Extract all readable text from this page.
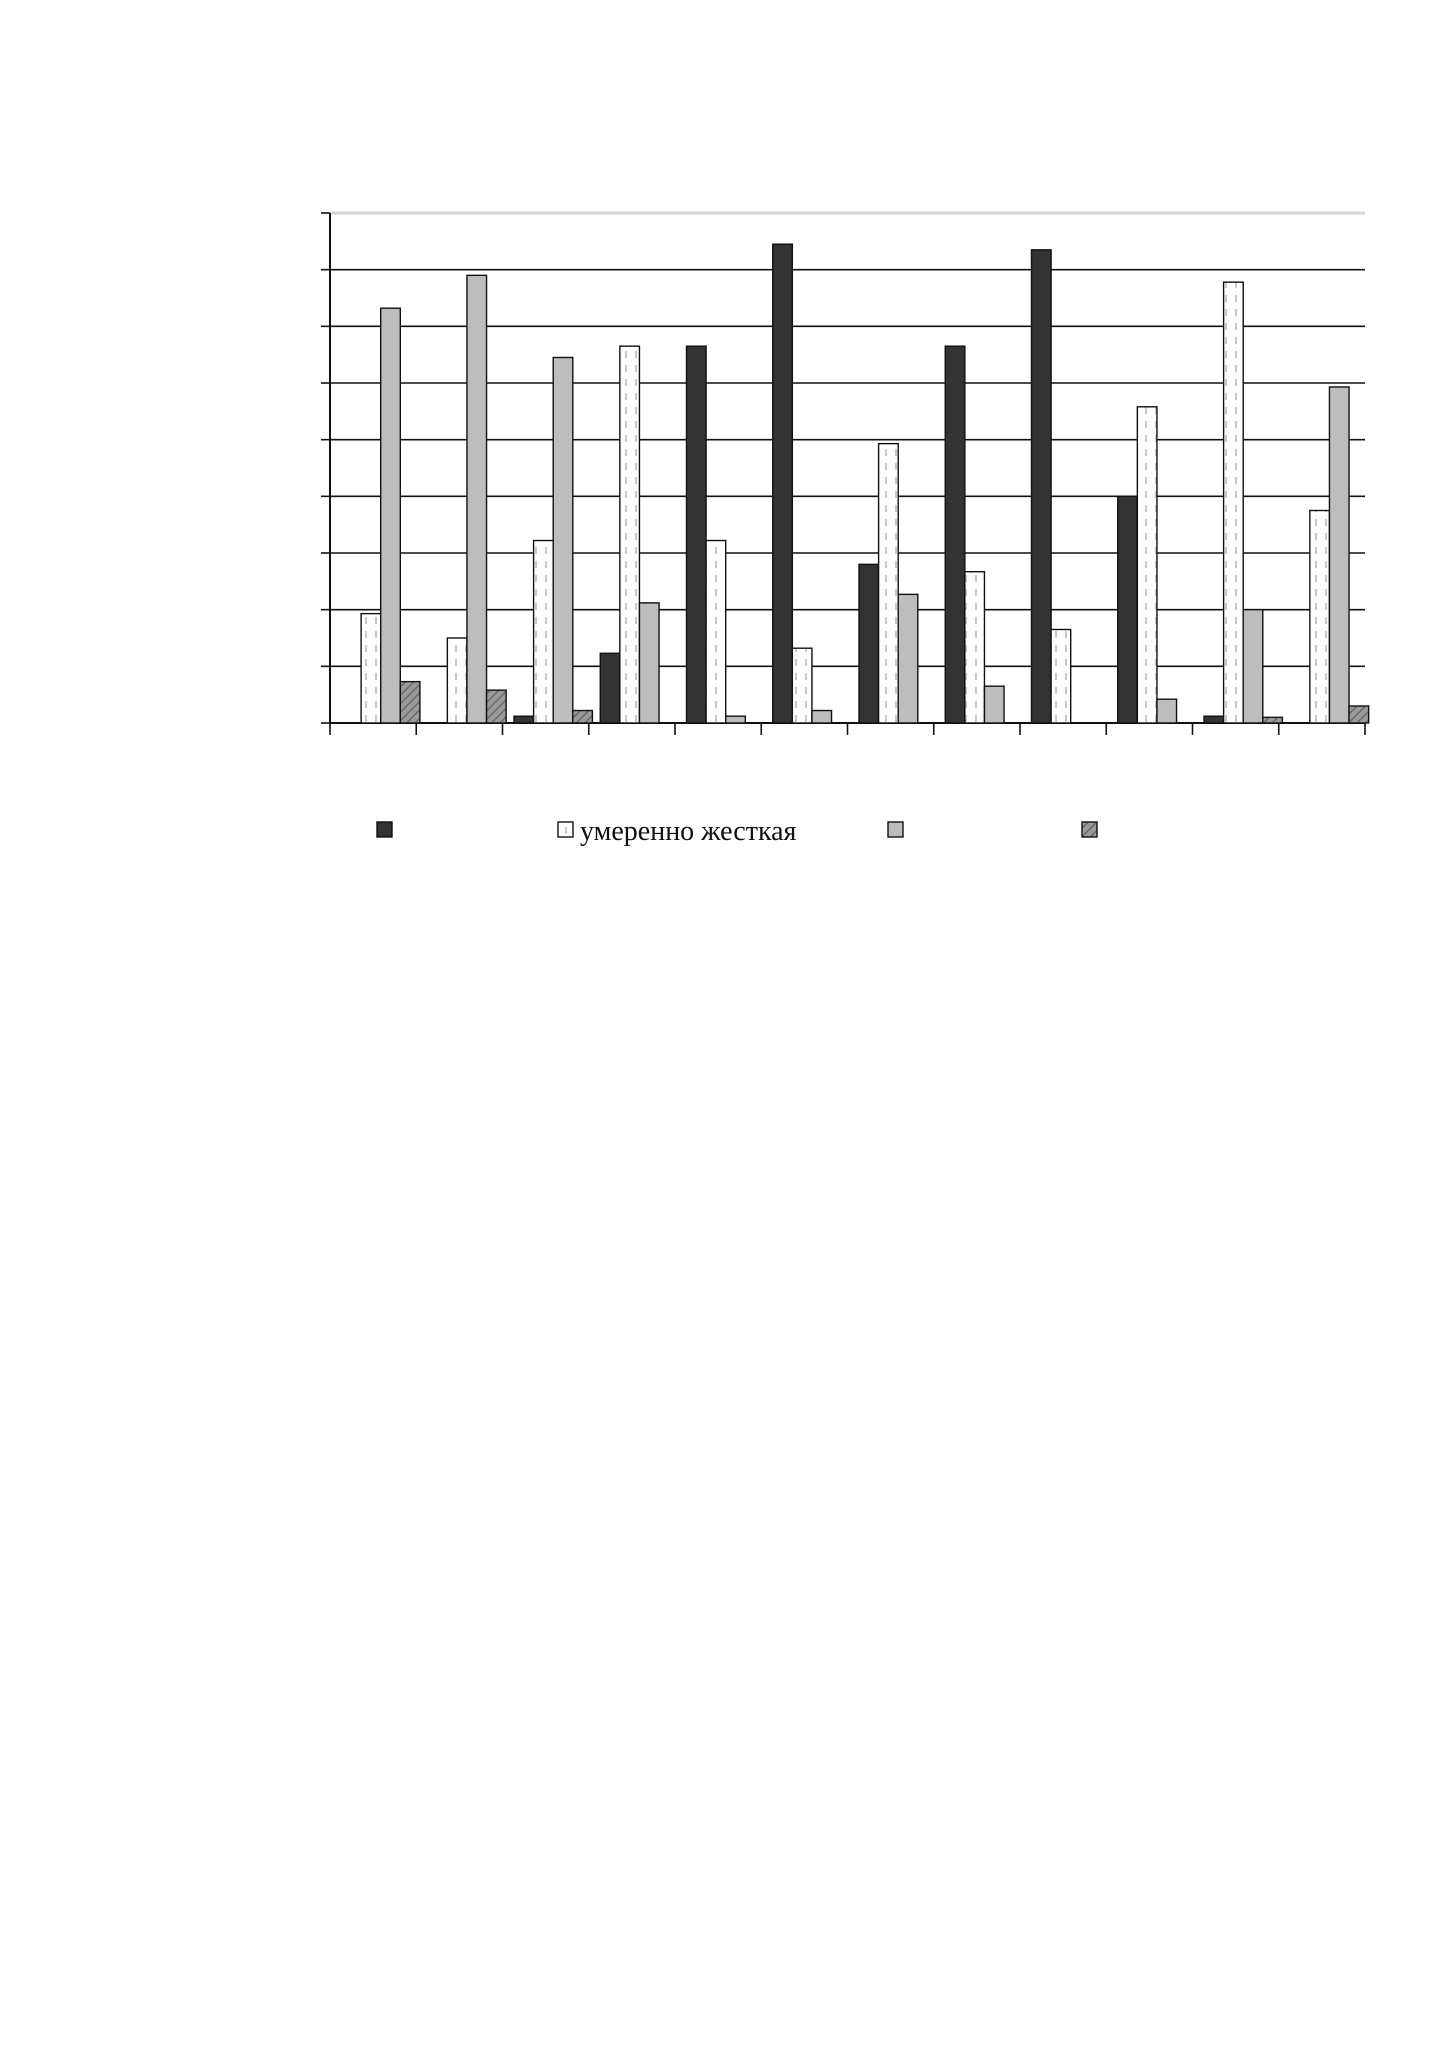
умеренно жесткая
